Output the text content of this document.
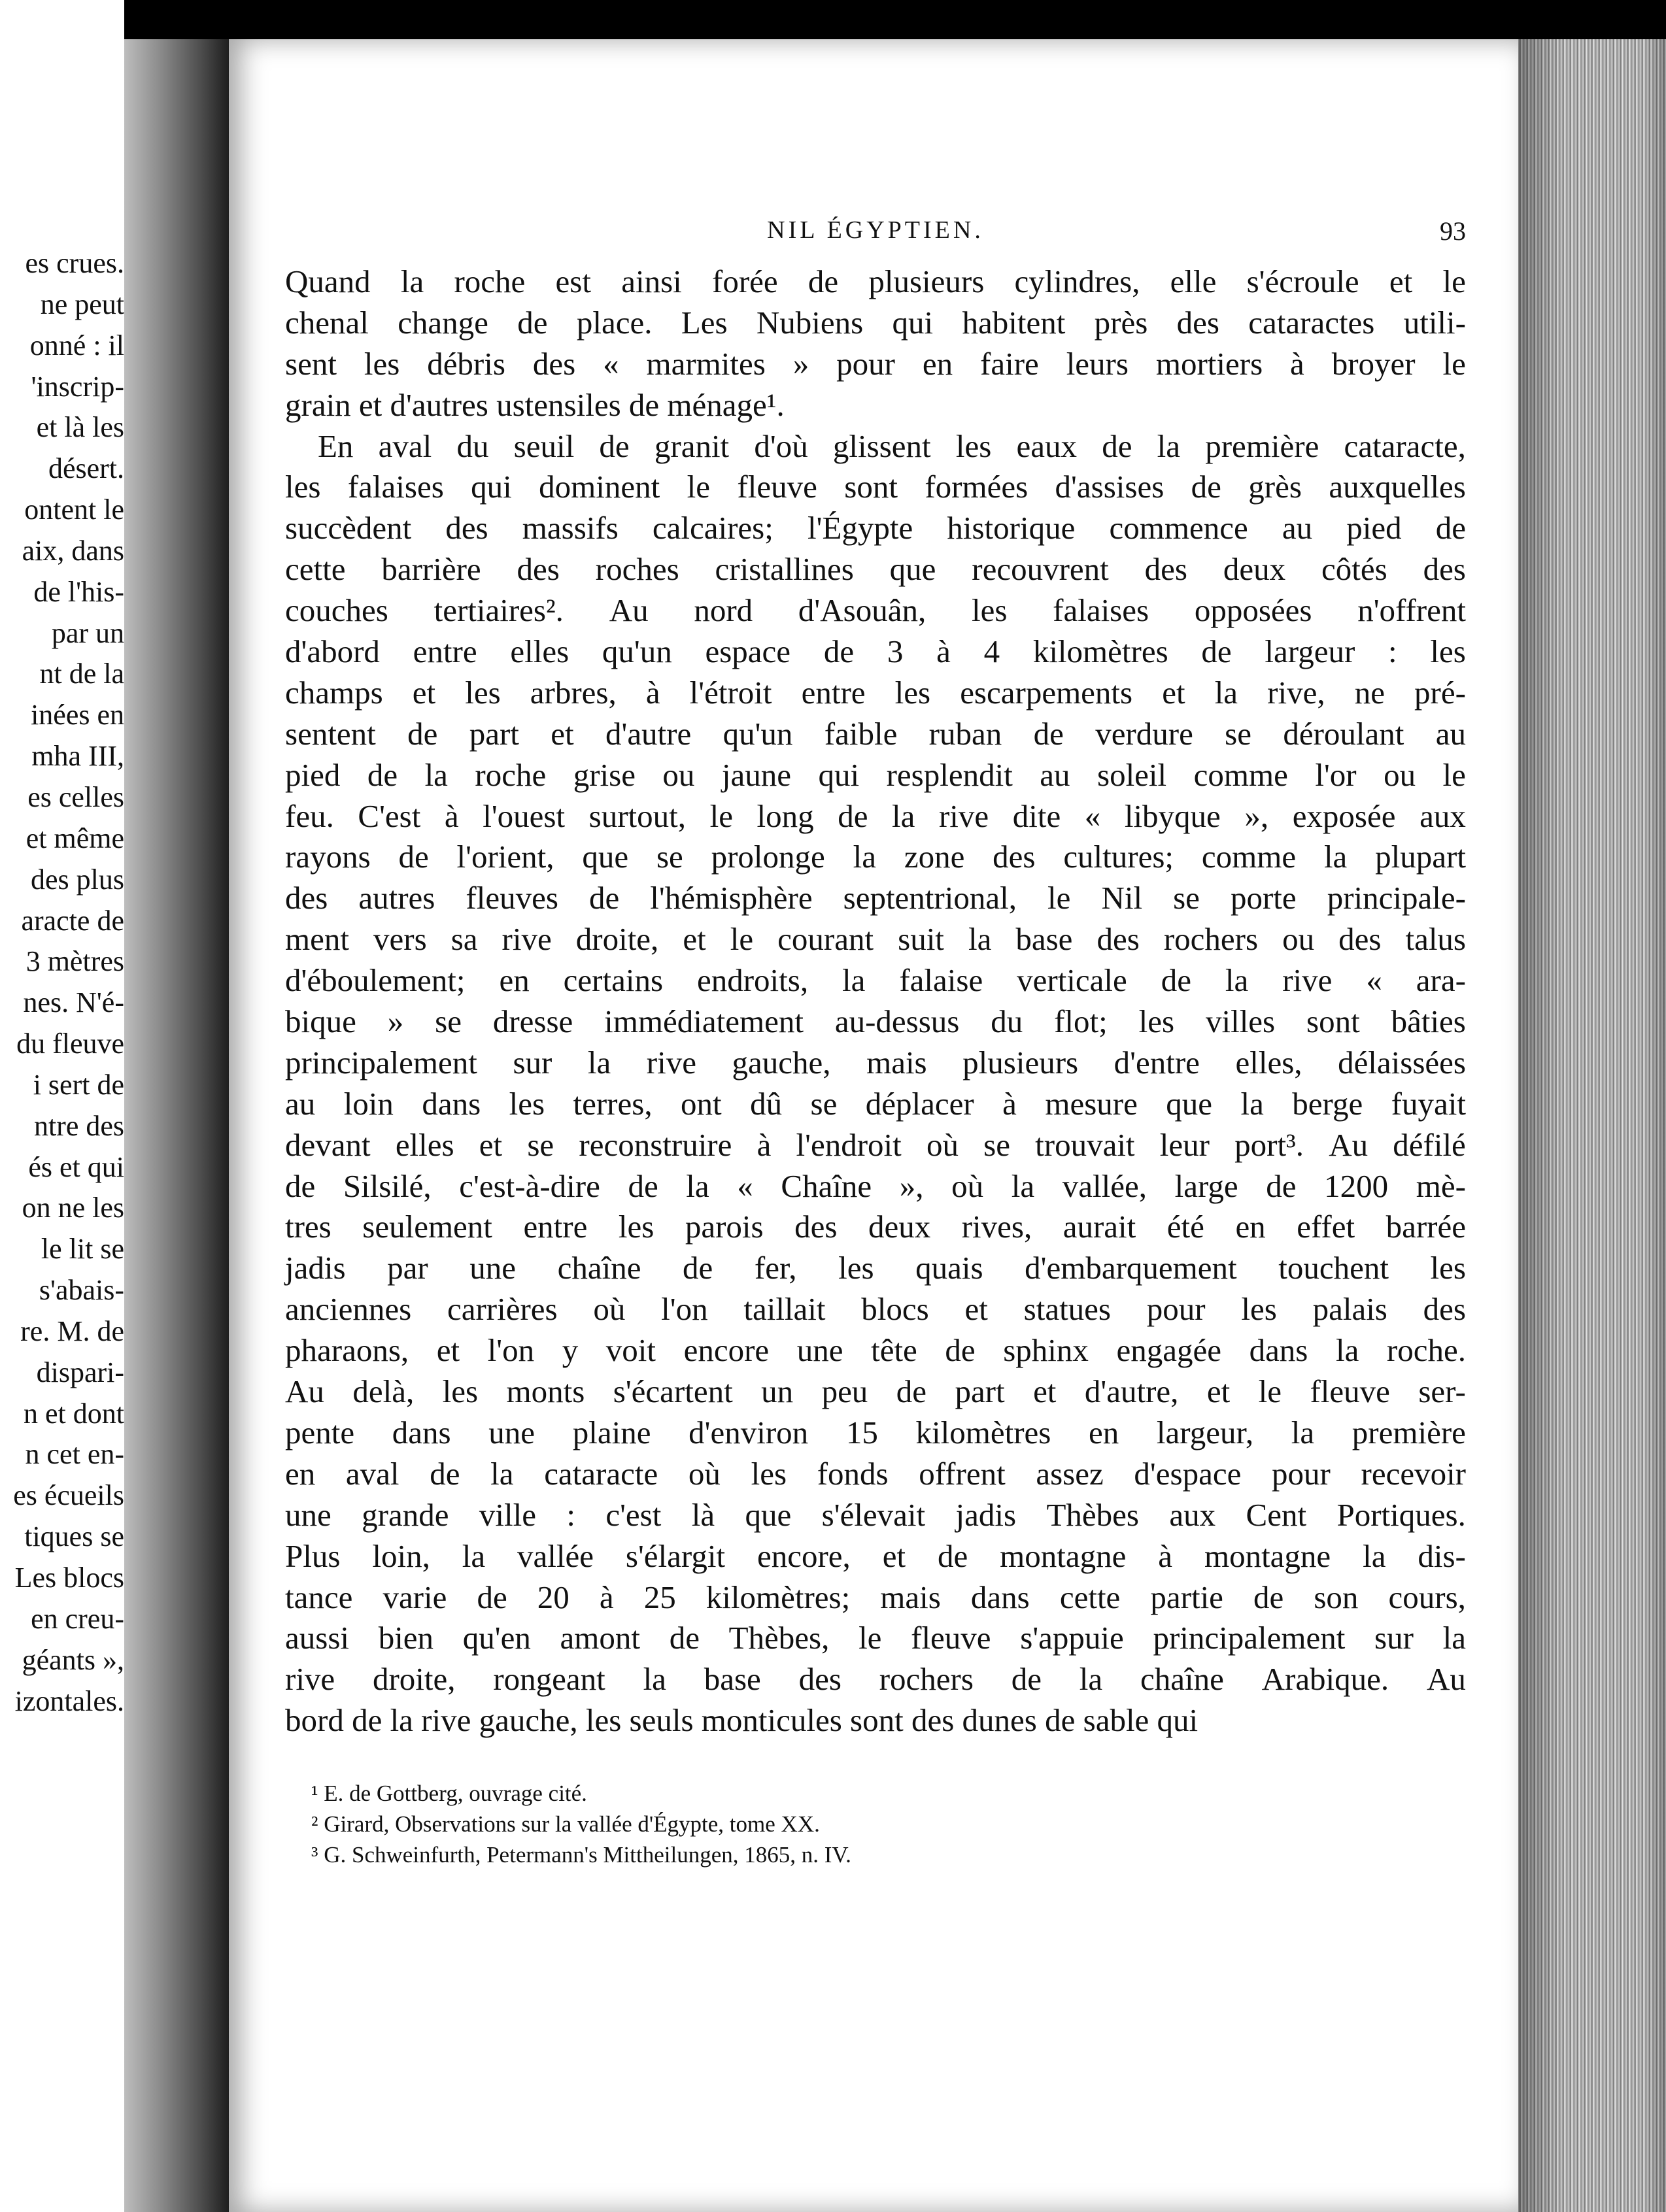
es crues.
ne peut
onné : il
'inscrip-
et là les
désert.
ontent le
aix, dans
de l'his-
par un
nt de la
inées en
mha III,
es celles
et même
des plus
aracte de
3 mètres
nes. N'é-
du fleuve
i sert de
ntre des
és et qui
on ne les
le lit se
s'abais-
re. M. de
dispari-
n et dont
n cet en-
es écueils
tiques se
Les blocs
en creu-
géants »,
izontales.
NIL ÉGYPTIEN.	93
Quand la roche est ainsi forée de plusieurs cylindres, elle s'écroule et le
chenal change de place. Les Nubiens qui habitent près des cataractes utili-
sent les débris des « marmites » pour en faire leurs mortiers à broyer le
grain et d'autres ustensiles de ménage¹.
En aval du seuil de granit d'où glissent les eaux de la première cataracte,
les falaises qui dominent le fleuve sont formées d'assises de grès auxquelles
succèdent des massifs calcaires; l'Égypte historique commence au pied de
cette barrière des roches cristallines que recouvrent des deux côtés des
couches tertiaires². Au nord d'Asouân, les falaises opposées n'offrent
d'abord entre elles qu'un espace de 3 à 4 kilomètres de largeur : les
champs et les arbres, à l'étroit entre les escarpements et la rive, ne pré-
sentent de part et d'autre qu'un faible ruban de verdure se déroulant au
pied de la roche grise ou jaune qui resplendit au soleil comme l'or ou le
feu. C'est à l'ouest surtout, le long de la rive dite « libyque », exposée aux
rayons de l'orient, que se prolonge la zone des cultures; comme la plupart
des autres fleuves de l'hémisphère septentrional, le Nil se porte principale-
ment vers sa rive droite, et le courant suit la base des rochers ou des talus
d'éboulement; en certains endroits, la falaise verticale de la rive « ara-
bique » se dresse immédiatement au-dessus du flot; les villes sont bâties
principalement sur la rive gauche, mais plusieurs d'entre elles, délaissées
au loin dans les terres, ont dû se déplacer à mesure que la berge fuyait
devant elles et se reconstruire à l'endroit où se trouvait leur port³. Au défilé
de Silsilé, c'est-à-dire de la « Chaîne », où la vallée, large de 1200 mè-
tres seulement entre les parois des deux rives, aurait été en effet barrée
jadis par une chaîne de fer, les quais d'embarquement touchent les
anciennes carrières où l'on taillait blocs et statues pour les palais des
pharaons, et l'on y voit encore une tête de sphinx engagée dans la roche.
Au delà, les monts s'écartent un peu de part et d'autre, et le fleuve ser-
pente dans une plaine d'environ 15 kilomètres en largeur, la première
en aval de la cataracte où les fonds offrent assez d'espace pour recevoir
une grande ville : c'est là que s'élevait jadis Thèbes aux Cent Portiques.
Plus loin, la vallée s'élargit encore, et de montagne à montagne la dis-
tance varie de 20 à 25 kilomètres; mais dans cette partie de son cours,
aussi bien qu'en amont de Thèbes, le fleuve s'appuie principalement sur la
rive droite, rongeant la base des rochers de la chaîne Arabique. Au
bord de la rive gauche, les seuls monticules sont des dunes de sable qui
¹ E. de Gottberg, ouvrage cité.
² Girard, Observations sur la vallée d'Égypte, tome XX.
³ G. Schweinfurth, Petermann's Mittheilungen, 1865, n. IV.
